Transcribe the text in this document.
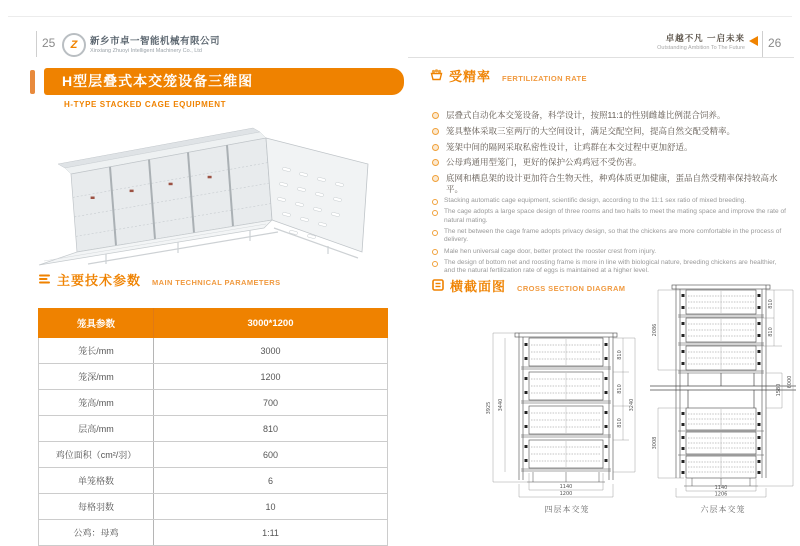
25	Z	新乡市卓一智能机械有限公司
Xinxiang Zhuoyi Intelligent Machinery Co., Ltd
卓越不凡 一启未来
Outstanding Ambition To The Future 26
H型层叠式本交笼设备三维图
H-TYPE STACKED CAGE EQUIPMENT
主要技术参数 MAIN TECHNICAL PARAMETERS
笼具参数	3000*1200
笼长/mm	3000
笼深/mm	1200
笼高/mm	700
层高/mm	810
鸡位面积（cm²/羽）	600
单笼格数	6
每格羽数	10
公鸡：母鸡	1:11
受精率 FERTILIZATION RATE
层叠式自动化本交笼设备，科学设计，按照11:1的性别雌雄比例混合饲养。
笼具整体采取三室两厅的大空间设计，满足交配空间，提高自然交配受精率。
笼架中间的隔网采取私密性设计，让鸡群在本交过程中更加舒适。
公母鸡通用型笼门，更好的保护公鸡鸡冠不受伤害。
底网和栖息架的设计更加符合生物天性，种鸡体质更加健康，蛋品自然受精率保持较高水平。
Stacking automatic cage equipment, scientific design, according to the 11:1 sex ratio of mixed breeding.
The cage adopts a large space design of three rooms and two halls to meet the mating space and improve the rate of natural mating.
The net between the cage frame adopts privacy design, so that the chickens are more comfortable in the process of delivery.
Male hen universal cage door, better protect the rooster crest from injury.
The design of bottom net and roosting frame is more in line with biological nature, breeding chickens are healthier, and the natural fertilization rate of eggs is maintained at a higher level.
横截面图 CROSS SECTION DIAGRAM
3925 3440
810
810
810
3240
1140
1200
四层本交笼
2086
3008
810
810
1580
6000
1140
1206
六层本交笼
